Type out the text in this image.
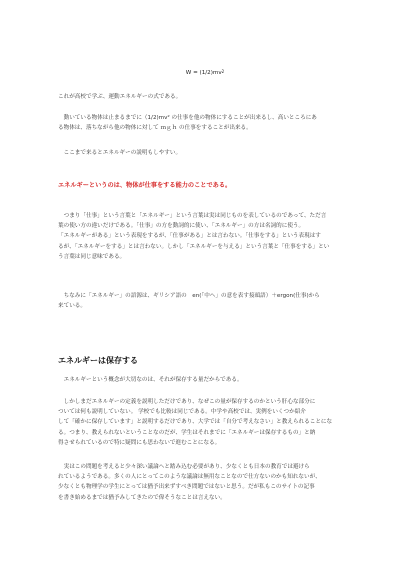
$W = (1/2)mv^2$
これが高校で学ぶ、運動エネルギーの式である。
　動いている物体は止まるまでに（1/2)mv² の仕事を他の物体にすることが出来るし、高いところにあ
る物体は、落ちながら他の物体に対して ｍｇｈ の仕事をすることが出来る。
　ここまで来るとエネルギーの説明もしやすい。
エネルギーというのは、物体が仕事をする能力のことである。
　つまり「仕事」という言葉と「エネルギー」という言葉は実は同じものを表しているのであって、ただ言
葉の使い方の違いだけである。「仕事」の方を動詞的に使い、「エネルギー」の方は名詞的に使う。
「エネルギーがある」という表現をするが、「仕事がある」とは言わない。「仕事をする」という表現はす
るが、「エネルギーをする」とは言わない。しかし「エネルギーを与える」という言葉と「仕事をする」とい
う言葉は同じ意味である。
　ちなみに「エネルギー」の語源は、ギリシア語の　en(「中へ」の意を表す接頭語）＋ergon(仕事)から
来ている。
エネルギーは保存する
　エネルギーという概念が大切なのは、それが保存する量だからである。
　しかしまだエネルギーの定義を説明しただけであり、なぜこの量が保存するのかという肝心な部分に
ついては何も説明していない。 学校でも比較は同じである。中学や高校では、実例をいくつか紹介
して「確かに保存しています」と説明するだけであり、大学では「自分で考えなさい」と教えられることにな
る。つまり、教えられないということなのだが、学生はそれまでに「エネルギーは保存するもの」と納
得させられているので特に疑問にも思わないで進むことになる。
　実はこの問題を考えると少々深い議論へと踏み込む必要があり、少なくとも日本の教育では避けら
れているようである。多くの人にとってこのような議論は無用なことなので仕方ないのかも知れないが、
少なくとも物理学の学生にとっては猶予出来ずすべき問題ではないと思う。だが私もこのサイトの記事
を書き始めるまでは猶予みしてきたので偉そうなことは言えない。
